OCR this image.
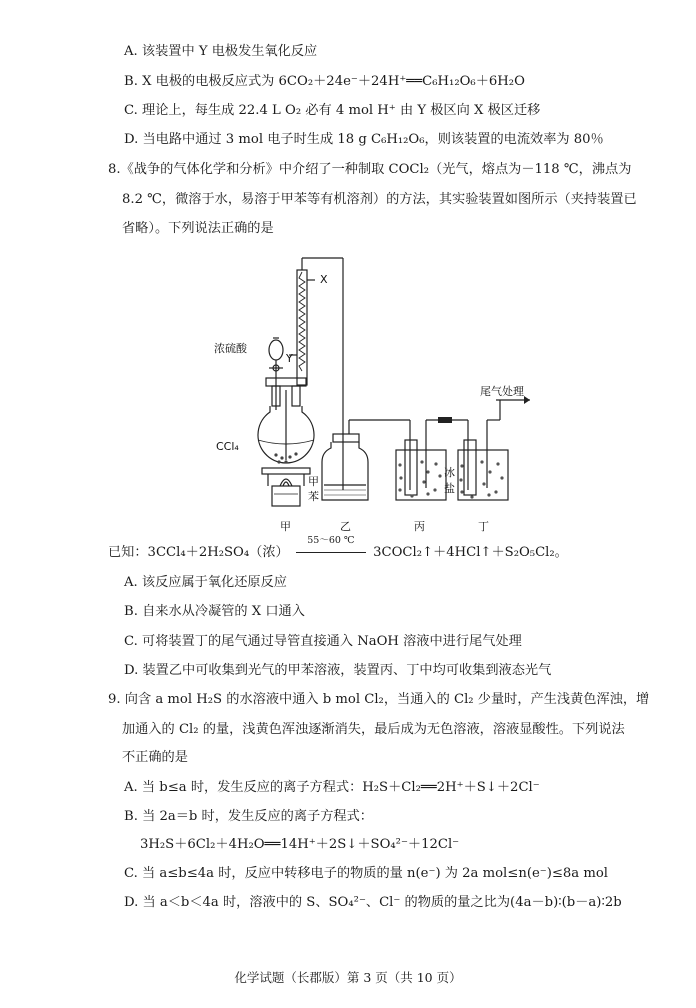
A. 该装置中 Y 电极发生氧化反应
B. X 电极的电极反应式为 6CO₂＋24e⁻＋24H⁺══C₆H₁₂O₆＋6H₂O
C. 理论上，每生成 22.4 L O₂ 必有 4 mol H⁺ 由 Y 极区向 X 极区迁移
D. 当电路中通过 3 mol 电子时生成 18 g C₆H₁₂O₆，则该装置的电流效率为 80％
8.《战争的气体化学和分析》中介绍了一种制取 COCl₂（光气，熔点为－118 ℃，沸点为
8.2 ℃，微溶于水，易溶于甲苯等有机溶剂）的方法，其实验装置如图所示（夹持装置已
省略）。下列说法正确的是
X
浓硫酸
Y
CCl₄
甲
苯
尾气处理
冰
盐
甲	乙	丙	丁
已知：3CCl₄＋2H₂SO₄（浓）
55～60 ℃
3COCl₂↑＋4HCl↑＋S₂O₅Cl₂。
A. 该反应属于氧化还原反应
B. 自来水从冷凝管的 X 口通入
C. 可将装置丁的尾气通过导管直接通入 NaOH 溶液中进行尾气处理
D. 装置乙中可收集到光气的甲苯溶液，装置丙、丁中均可收集到液态光气
9. 向含 a mol H₂S 的水溶液中通入 b mol Cl₂，当通入的 Cl₂ 少量时，产生浅黄色浑浊，增
加通入的 Cl₂ 的量，浅黄色浑浊逐渐消失，最后成为无色溶液，溶液显酸性。下列说法
不正确的是
A. 当 b≤a 时，发生反应的离子方程式：H₂S＋Cl₂══2H⁺＋S↓＋2Cl⁻
B. 当 2a＝b 时，发生反应的离子方程式：
3H₂S＋6Cl₂＋4H₂O══14H⁺＋2S↓＋SO₄²⁻＋12Cl⁻
C. 当 a≤b≤4a 时，反应中转移电子的物质的量 n(e⁻) 为 2a mol≤n(e⁻)≤8a mol
D. 当 a＜b＜4a 时，溶液中的 S、SO₄²⁻、Cl⁻ 的物质的量之比为(4a－b)∶(b－a)∶2b
化学试题（长郡版）第 3 页（共 10 页）
